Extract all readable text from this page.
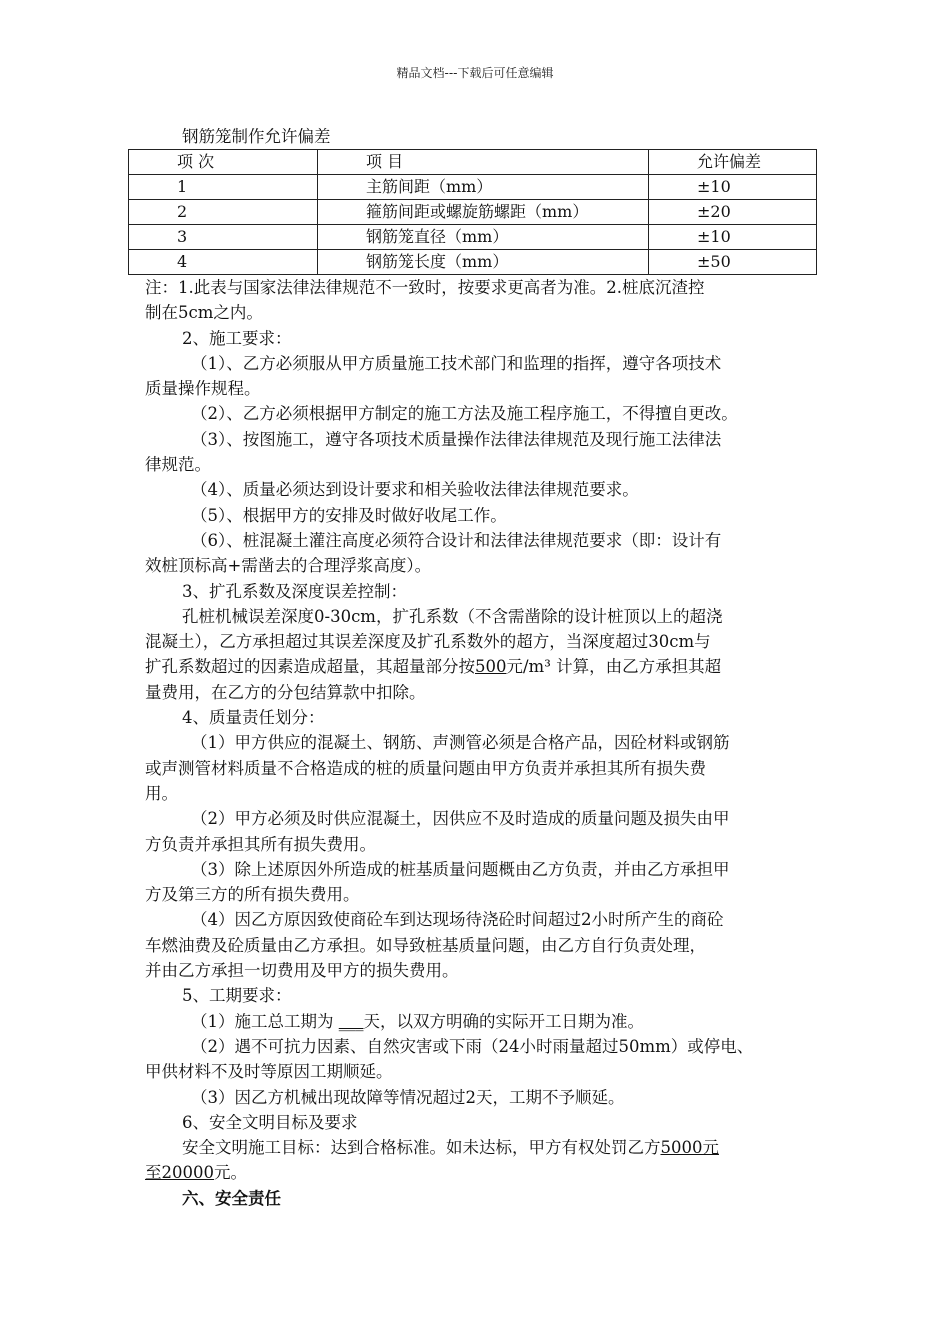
精品文档---下载后可任意编辑
钢筋笼制作允许偏差
项 次	项 目	允许偏差
1	主筋间距（mm）	±10
2	箍筋间距或螺旋筋螺距（mm）	±20
3	钢筋笼直径（mm）	±10
4	钢筋笼长度（mm）	±50

注：1.此表与国家法律法律规范不一致时，按要求更高者为准。2.桩底沉渣控

制在5cm之内。

2、施工要求：

（1）、乙方必须服从甲方质量施工技术部门和监理的指挥，遵守各项技术

质量操作规程。

（2）、乙方必须根据甲方制定的施工方法及施工程序施工，不得擅自更改。

（3）、按图施工，遵守各项技术质量操作法律法律规范及现行施工法律法

律规范。

（4）、质量必须达到设计要求和相关验收法律法律规范要求。

（5）、根据甲方的安排及时做好收尾工作。

（6）、桩混凝土灌注高度必须符合设计和法律法律规范要求（即：设计有

效桩顶标高+需凿去的合理浮浆高度）。

3、扩孔系数及深度误差控制：

孔桩机械误差深度0-30cm，扩孔系数（不含需凿除的设计桩顶以上的超浇

混凝土），乙方承担超过其误差深度及扩孔系数外的超方，当深度超过30cm与

扩孔系数超过的因素造成超量，其超量部分按500元/m³ 计算，由乙方承担其超

量费用，在乙方的分包结算款中扣除。

4、质量责任划分：

（1）甲方供应的混凝土、钢筋、声测管必须是合格产品，因砼材料或钢筋

或声测管材料质量不合格造成的桩的质量问题由甲方负责并承担其所有损失费

用。

（2）甲方必须及时供应混凝土，因供应不及时造成的质量问题及损失由甲

方负责并承担其所有损失费用。

（3）除上述原因外所造成的桩基质量问题概由乙方负责，并由乙方承担甲

方及第三方的所有损失费用。

（4）因乙方原因致使商砼车到达现场待浇砼时间超过2小时所产生的商砼

车燃油费及砼质量由乙方承担。如导致桩基质量问题，由乙方自行负责处理，

并由乙方承担一切费用及甲方的损失费用。

5、工期要求：

（1）施工总工期为 ___天，以双方明确的实际开工日期为准。

（2）遇不可抗力因素、自然灾害或下雨（24小时雨量超过50mm）或停电、

甲供材料不及时等原因工期顺延。

（3）因乙方机械出现故障等情况超过2天，工期不予顺延。

6、安全文明目标及要求

安全文明施工目标：达到合格标准。如未达标，甲方有权处罚乙方5000元

至20000元。

六、安全责任
